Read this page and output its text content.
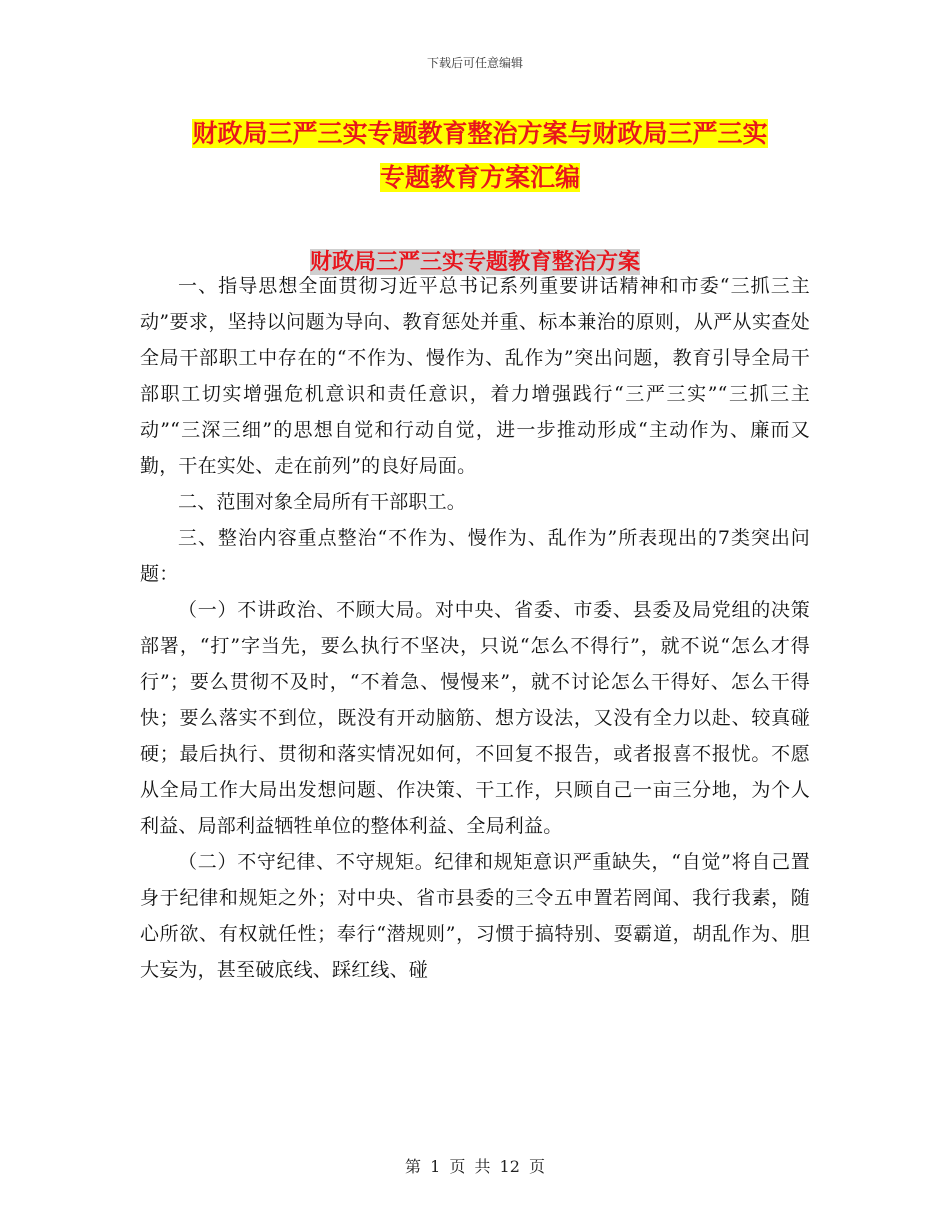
下载后可任意编辑
财政局三严三实专题教育整治方案与财政局三严三实
专题教育方案汇编
财政局三严三实专题教育整治方案

一、指导思想全面贯彻习近平总书记系列重要讲话精神和市委“三抓三主动”要求，坚持以问题为导向、教育惩处并重、标本兼治的原则，从严从实查处全局干部职工中存在的“不作为、慢作为、乱作为”突出问题，教育引导全局干部职工切实增强危机意识和责任意识，着力增强践行“三严三实”“三抓三主动”“三深三细”的思想自觉和行动自觉，进一步推动形成“主动作为、廉而又勤，干在实处、走在前列”的良好局面。

二、范围对象全局所有干部职工。

三、整治内容重点整治“不作为、慢作为、乱作为”所表现出的7类突出问题：

（一）不讲政治、不顾大局。对中央、省委、市委、县委及局党组的决策部署，“打”字当先，要么执行不坚决，只说“怎么不得行”，就不说“怎么才得行”；要么贯彻不及时，“不着急、慢慢来”，就不讨论怎么干得好、怎么干得快；要么落实不到位，既没有开动脑筋、想方设法，又没有全力以赴、较真碰硬；最后执行、贯彻和落实情况如何，不回复不报告，或者报喜不报忧。不愿从全局工作大局出发想问题、作决策、干工作，只顾自己一亩三分地，为个人利益、局部利益牺牲单位的整体利益、全局利益。

（二）不守纪律、不守规矩。纪律和规矩意识严重缺失，“自觉”将自己置身于纪律和规矩之外；对中央、省市县委的三令五申置若罔闻、我行我素，随心所欲、有权就任性；奉行“潜规则”，习惯于搞特别、耍霸道，胡乱作为、胆大妄为，甚至破底线、踩红线、碰

第 1 页 共 12 页
